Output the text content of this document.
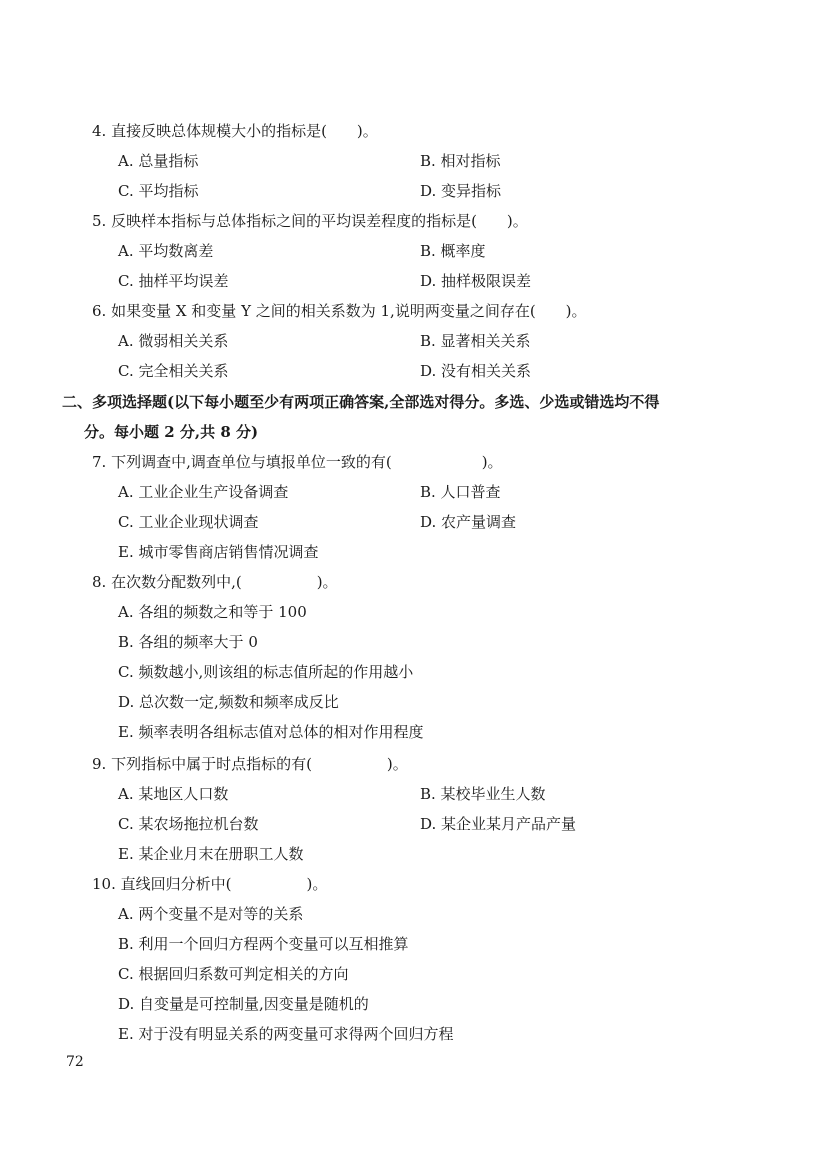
4. 直接反映总体规模大小的指标是(　　)。
A. 总量指标	B. 相对指标
C. 平均指标	D. 变异指标
5. 反映样本指标与总体指标之间的平均误差程度的指标是(　　)。
A. 平均数离差	B. 概率度
C. 抽样平均误差	D. 抽样极限误差
6. 如果变量 X 和变量 Y 之间的相关系数为 1,说明两变量之间存在(　　)。
A. 微弱相关关系	B. 显著相关关系
C. 完全相关关系	D. 没有相关关系
二、多项选择题(以下每小题至少有两项正确答案,全部选对得分。多选、少选或错选均不得
分。每小题 2 分,共 8 分)
7. 下列调查中,调查单位与填报单位一致的有(　　　　　　)。
A. 工业企业生产设备调查	B. 人口普查
C. 工业企业现状调查	D. 农产量调查
E. 城市零售商店销售情况调查
8. 在次数分配数列中,(　　　　　)。
A. 各组的频数之和等于 100
B. 各组的频率大于 0
C. 频数越小,则该组的标志值所起的作用越小
D. 总次数一定,频数和频率成反比
E. 频率表明各组标志值对总体的相对作用程度
9. 下列指标中属于时点指标的有(　　　　　)。
A. 某地区人口数	B. 某校毕业生人数
C. 某农场拖拉机台数	D. 某企业某月产品产量
E. 某企业月末在册职工人数
10. 直线回归分析中(　　　　　)。
A. 两个变量不是对等的关系
B. 利用一个回归方程两个变量可以互相推算
C. 根据回归系数可判定相关的方向
D. 自变量是可控制量,因变量是随机的
E. 对于没有明显关系的两变量可求得两个回归方程
72
